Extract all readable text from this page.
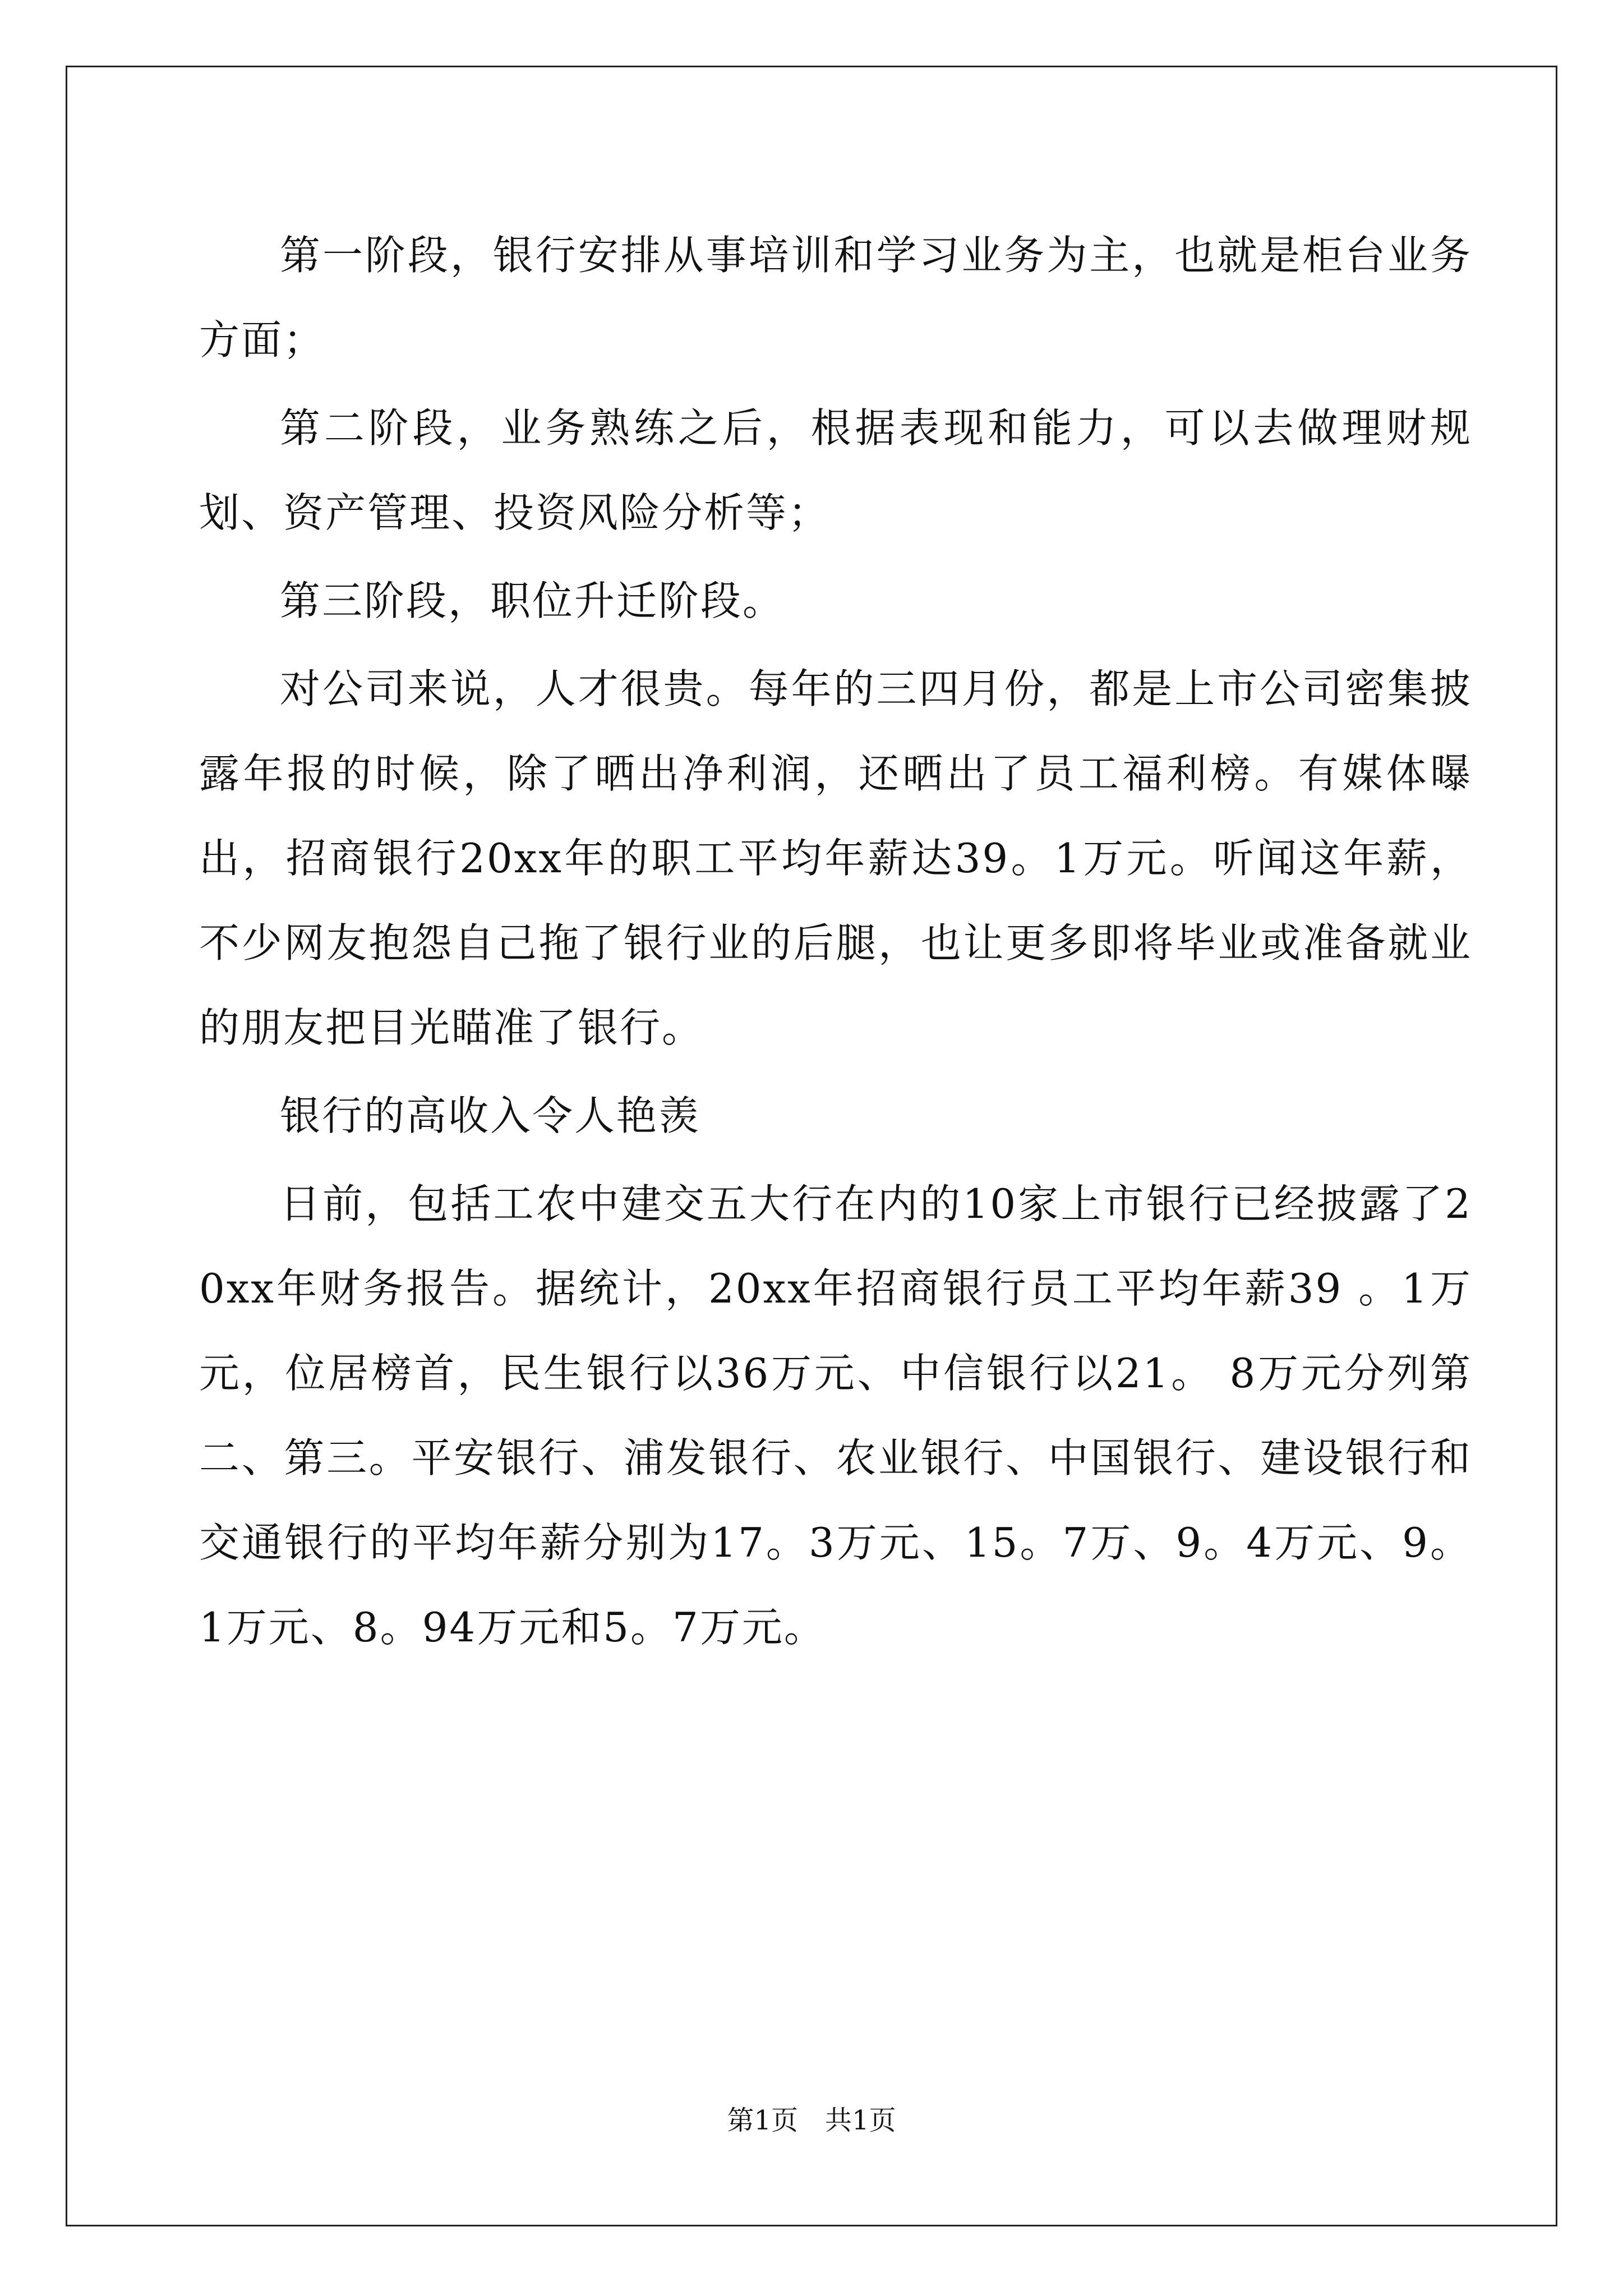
第一阶段，银行安排从事培训和学习业务为主，也就是柜台业务方面；

第二阶段，业务熟练之后，根据表现和能力，可以去做理财规划、资产管理、投资风险分析等；

第三阶段，职位升迁阶段。

对公司来说，人才很贵。每年的三四月份，都是上市公司密集披露年报的时候，除了晒出净利润，还晒出了员工福利榜。有媒体曝出，招商银行20xx年的职工平均年薪达39。1万元。听闻这年薪，不少网友抱怨自己拖了银行业的后腿，也让更多即将毕业或准备就业的朋友把目光瞄准了银行。

银行的高收入令人艳羡

日前，包括工农中建交五大行在内的10家上市银行已经披露了20xx年财务报告。据统计，20xx年招商银行员工平均年薪39 。1万元，位居榜首，民生银行以36万元、中信银行以21。 8万元分列第二、第三。平安银行、浦发银行、农业银行、中国银行、建设银行和交通银行的平均年薪分别为17。3万元、15。7万、9。4万元、9。1万元、8。94万元和5。7万元。

第1页　共1页
